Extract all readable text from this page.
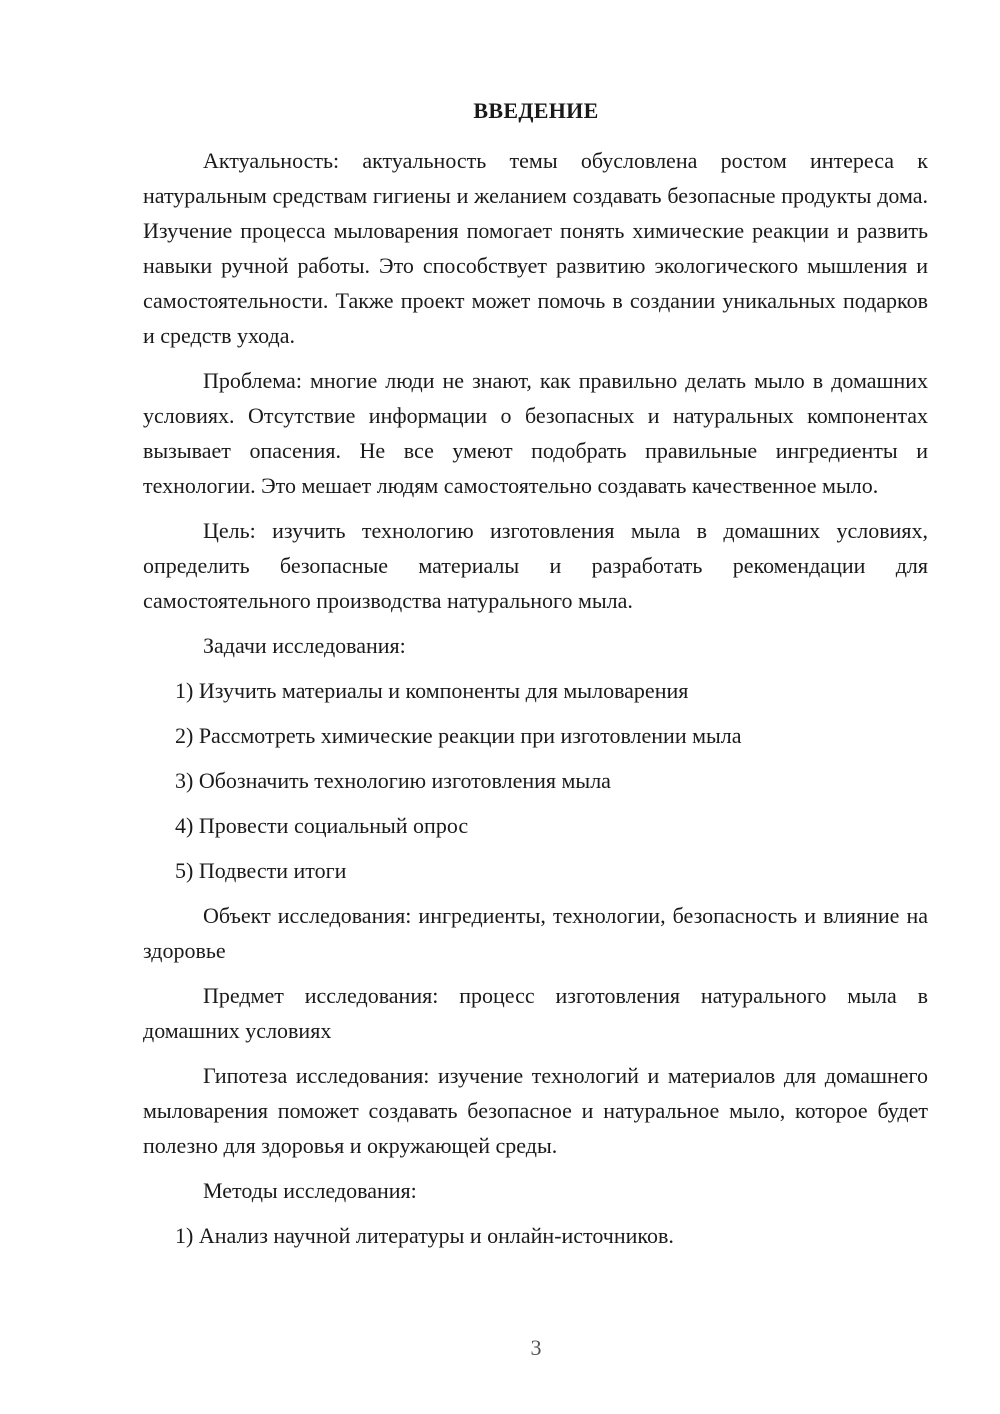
ВВЕДЕНИЕ

Актуальность: актуальность темы обусловлена ростом интереса к натуральным средствам гигиены и желанием создавать безопасные продукты дома. Изучение процесса мыловарения помогает понять химические реакции и развить навыки ручной работы. Это способствует развитию экологического мышления и самостоятельности. Также проект может помочь в создании уникальных подарков и средств ухода.

Проблема: многие люди не знают, как правильно делать мыло в домашних условиях. Отсутствие информации о безопасных и натуральных компонентах вызывает опасения. Не все умеют подобрать правильные ингредиенты и технологии. Это мешает людям самостоятельно создавать качественное мыло.

Цель: изучить технологию изготовления мыла в домашних условиях, определить безопасные материалы и разработать рекомендации для самостоятельного производства натурального мыла.

Задачи исследования:

1) Изучить материалы и компоненты для мыловарения
2) Рассмотреть химические реакции при изготовлении мыла
3) Обозначить технологию изготовления мыла
4) Провести социальный опрос
5) Подвести итоги

Объект исследования: ингредиенты, технологии, безопасность и влияние на здоровье

Предмет исследования: процесс изготовления натурального мыла в домашних условиях

Гипотеза исследования: изучение технологий и материалов для домашнего мыловарения поможет создавать безопасное и натуральное мыло, которое будет полезно для здоровья и окружающей среды.

Методы исследования:

1) Анализ научной литературы и онлайн-источников.
3
